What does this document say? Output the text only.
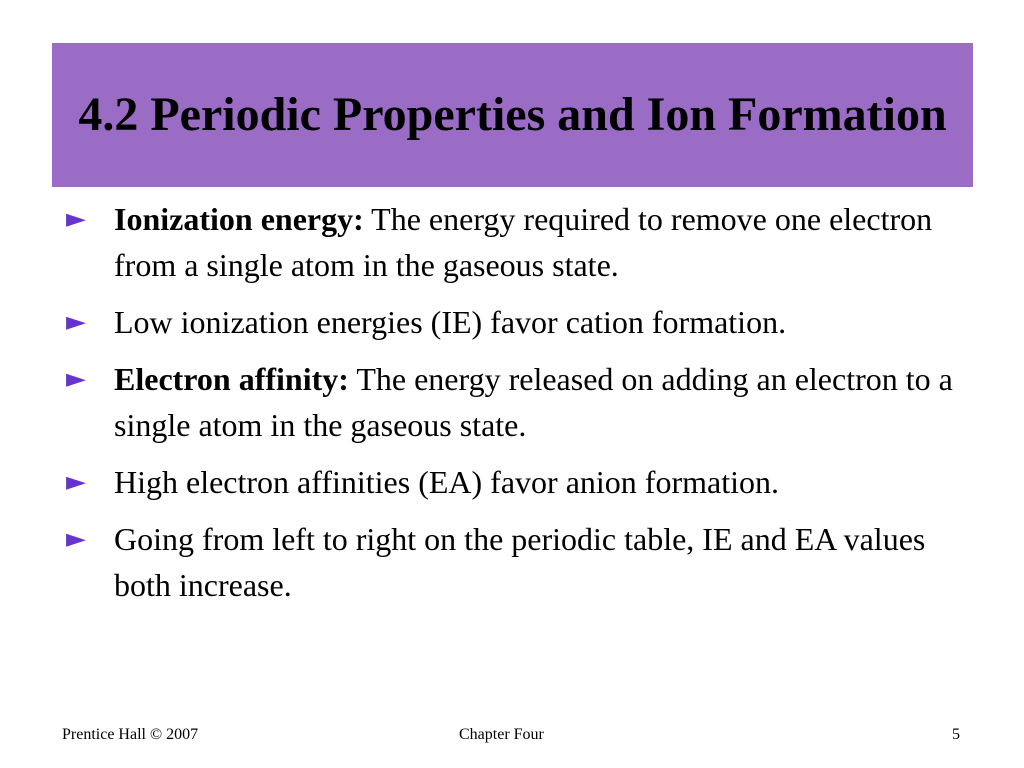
4.2 Periodic Properties and Ion Formation
► Ionization energy: The energy required to remove one electron from a single atom in the gaseous state.
► Low ionization energies (IE) favor cation formation.
► Electron affinity: The energy released on adding an electron to a single atom in the gaseous state.
► High electron affinities (EA) favor anion formation.
► Going from left to right on the periodic table, IE and EA values both increase.
Prentice Hall © 2007	Chapter Four	5
